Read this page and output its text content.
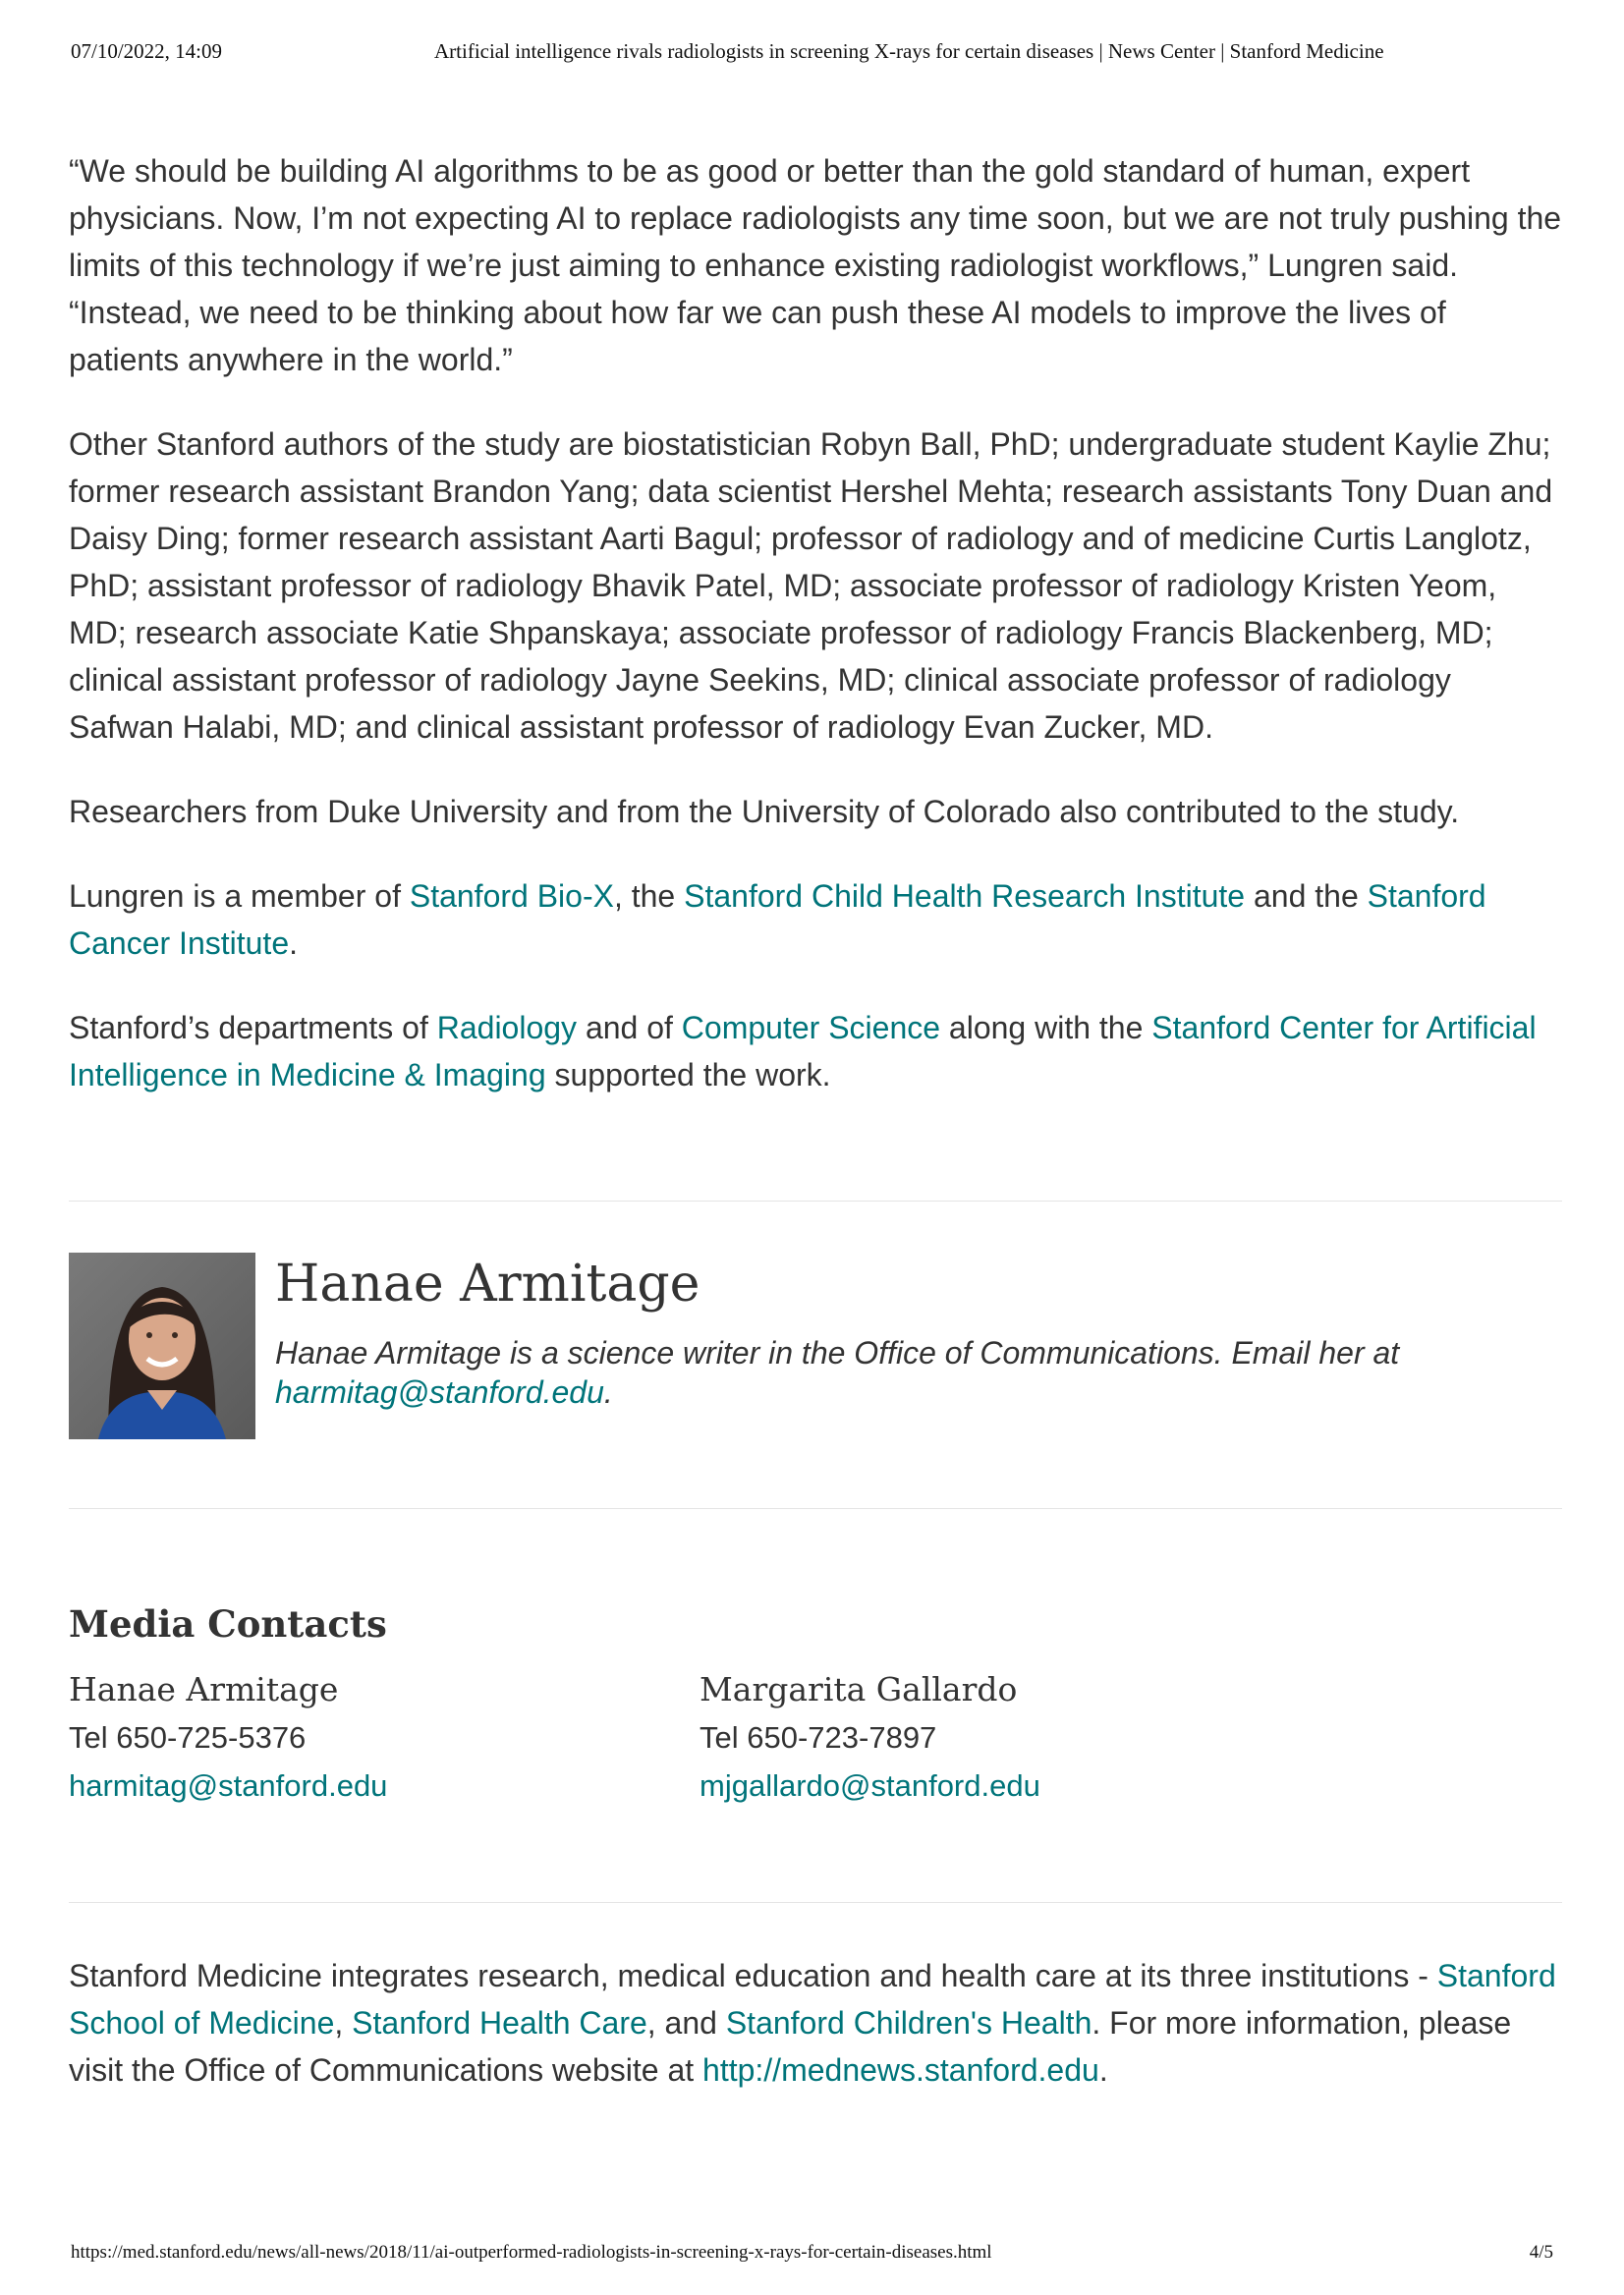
07/10/2022, 14:09	Artificial intelligence rivals radiologists in screening X-rays for certain diseases | News Center | Stanford Medicine

“We should be building AI algorithms to be as good or better than the gold standard of human, expert physicians. Now, I’m not expecting AI to replace radiologists any time soon, but we are not truly pushing the limits of this technology if we’re just aiming to enhance existing radiologist workflows,” Lungren said. “Instead, we need to be thinking about how far we can push these AI models to improve the lives of patients anywhere in the world.”

Other Stanford authors of the study are biostatistician Robyn Ball, PhD; undergraduate student Kaylie Zhu; former research assistant Brandon Yang; data scientist Hershel Mehta; research assistants Tony Duan and Daisy Ding; former research assistant Aarti Bagul; professor of radiology and of medicine Curtis Langlotz, PhD; assistant professor of radiology Bhavik Patel, MD; associate professor of radiology Kristen Yeom, MD; research associate Katie Shpanskaya; associate professor of radiology Francis Blackenberg, MD; clinical assistant professor of radiology Jayne Seekins, MD; clinical associate professor of radiology Safwan Halabi, MD; and clinical assistant professor of radiology Evan Zucker, MD.

Researchers from Duke University and from the University of Colorado also contributed to the study.

Lungren is a member of Stanford Bio-X, the Stanford Child Health Research Institute and the Stanford Cancer Institute.

Stanford’s departments of Radiology and of Computer Science along with the Stanford Center for Artificial Intelligence in Medicine & Imaging supported the work.

Hanae Armitage
Hanae Armitage is a science writer in the Office of Communications. Email her at harmitag@stanford.edu.
Media Contacts
Hanae Armitage
Tel 650-725-5376
harmitag@stanford.edu
Margarita Gallardo
Tel 650-723-7897
mjgallardo@stanford.edu

Stanford Medicine integrates research, medical education and health care at its three institutions - Stanford School of Medicine, Stanford Health Care, and Stanford Children's Health. For more information, please visit the Office of Communications website at http://mednews.stanford.edu.

https://med.stanford.edu/news/all-news/2018/11/ai-outperformed-radiologists-in-screening-x-rays-for-certain-diseases.html	4/5
